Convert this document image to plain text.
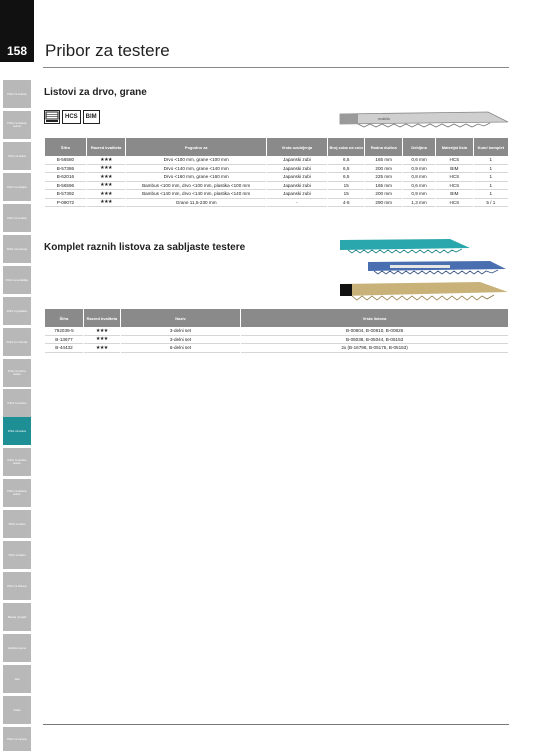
158
Pribor za bušenje
Pribor za bušenje betona
Pribor za čekiće
Pribor za odvijače
Pribor za brusilice
Pribor za brušenje
Pribor za rendisaljke
Pribor za glodalice
Pribor za multi alat
Pribor za kružne testere
Pribor za kosilice
Pribor za testere
Pribor za ubodne testere
Pribor za lančane testere
Pribor za škare
Pribor za baštu
Pribor za čišćenje
Baterije i punjači
Zaštitna oprema
Alati
Ostalo
Pribor za merenje
Pribor za testere
Listovi za drvo, grane
HCS	BIM	makita
Šifra	Razred kvaliteta	Pogodno za	Vrsta ozubljenja	Broj zuba na colu	Radna dužina	Debljina	Materijal lista	Kom/ komplet
B-56580	★★★	Drvo <100 mm, grane <100 mm	Japanski zubi	6,5	165 mm	0,6 mm	HCS	1
B-57386	★★★	Drvo <140 mm, grane <140 mm	Japanski zubi	6,5	200 mm	0,9 mm	BIM	1
B-62016	★★★	Drvo <160 mm, grane <160 mm	Japanski zubi	6,5	225 mm	0,8 mm	HCS	1
B-56596	★★★	Bambus <100 mm, drvo <100 mm, plastika <100 mm	Japanski zubi	15	165 mm	0,6 mm	HCS	1
B-57392	★★★	Bambus <140 mm, drvo <140 mm, plastika <140 mm	Japanski zubi	15	200 mm	0,9 mm	BIM	1
P-09072	★★★	Grane 11,5-230 mm	-	4-5	290 mm	1,3 mm	HCS	5 / 1
Komplet raznih listova za sabljaste testere
Šifra	Razred kvaliteta	Naziv	Vrsta listova
792039-5	★★★	3-delni set	B-00804, B-00810, B-00826
B-13677	★★★	3-delni set	B-05038, B-05044, B-05153
B-44432	★★★	6-delni set	2x (B-16798, B-05175, B-05153)
